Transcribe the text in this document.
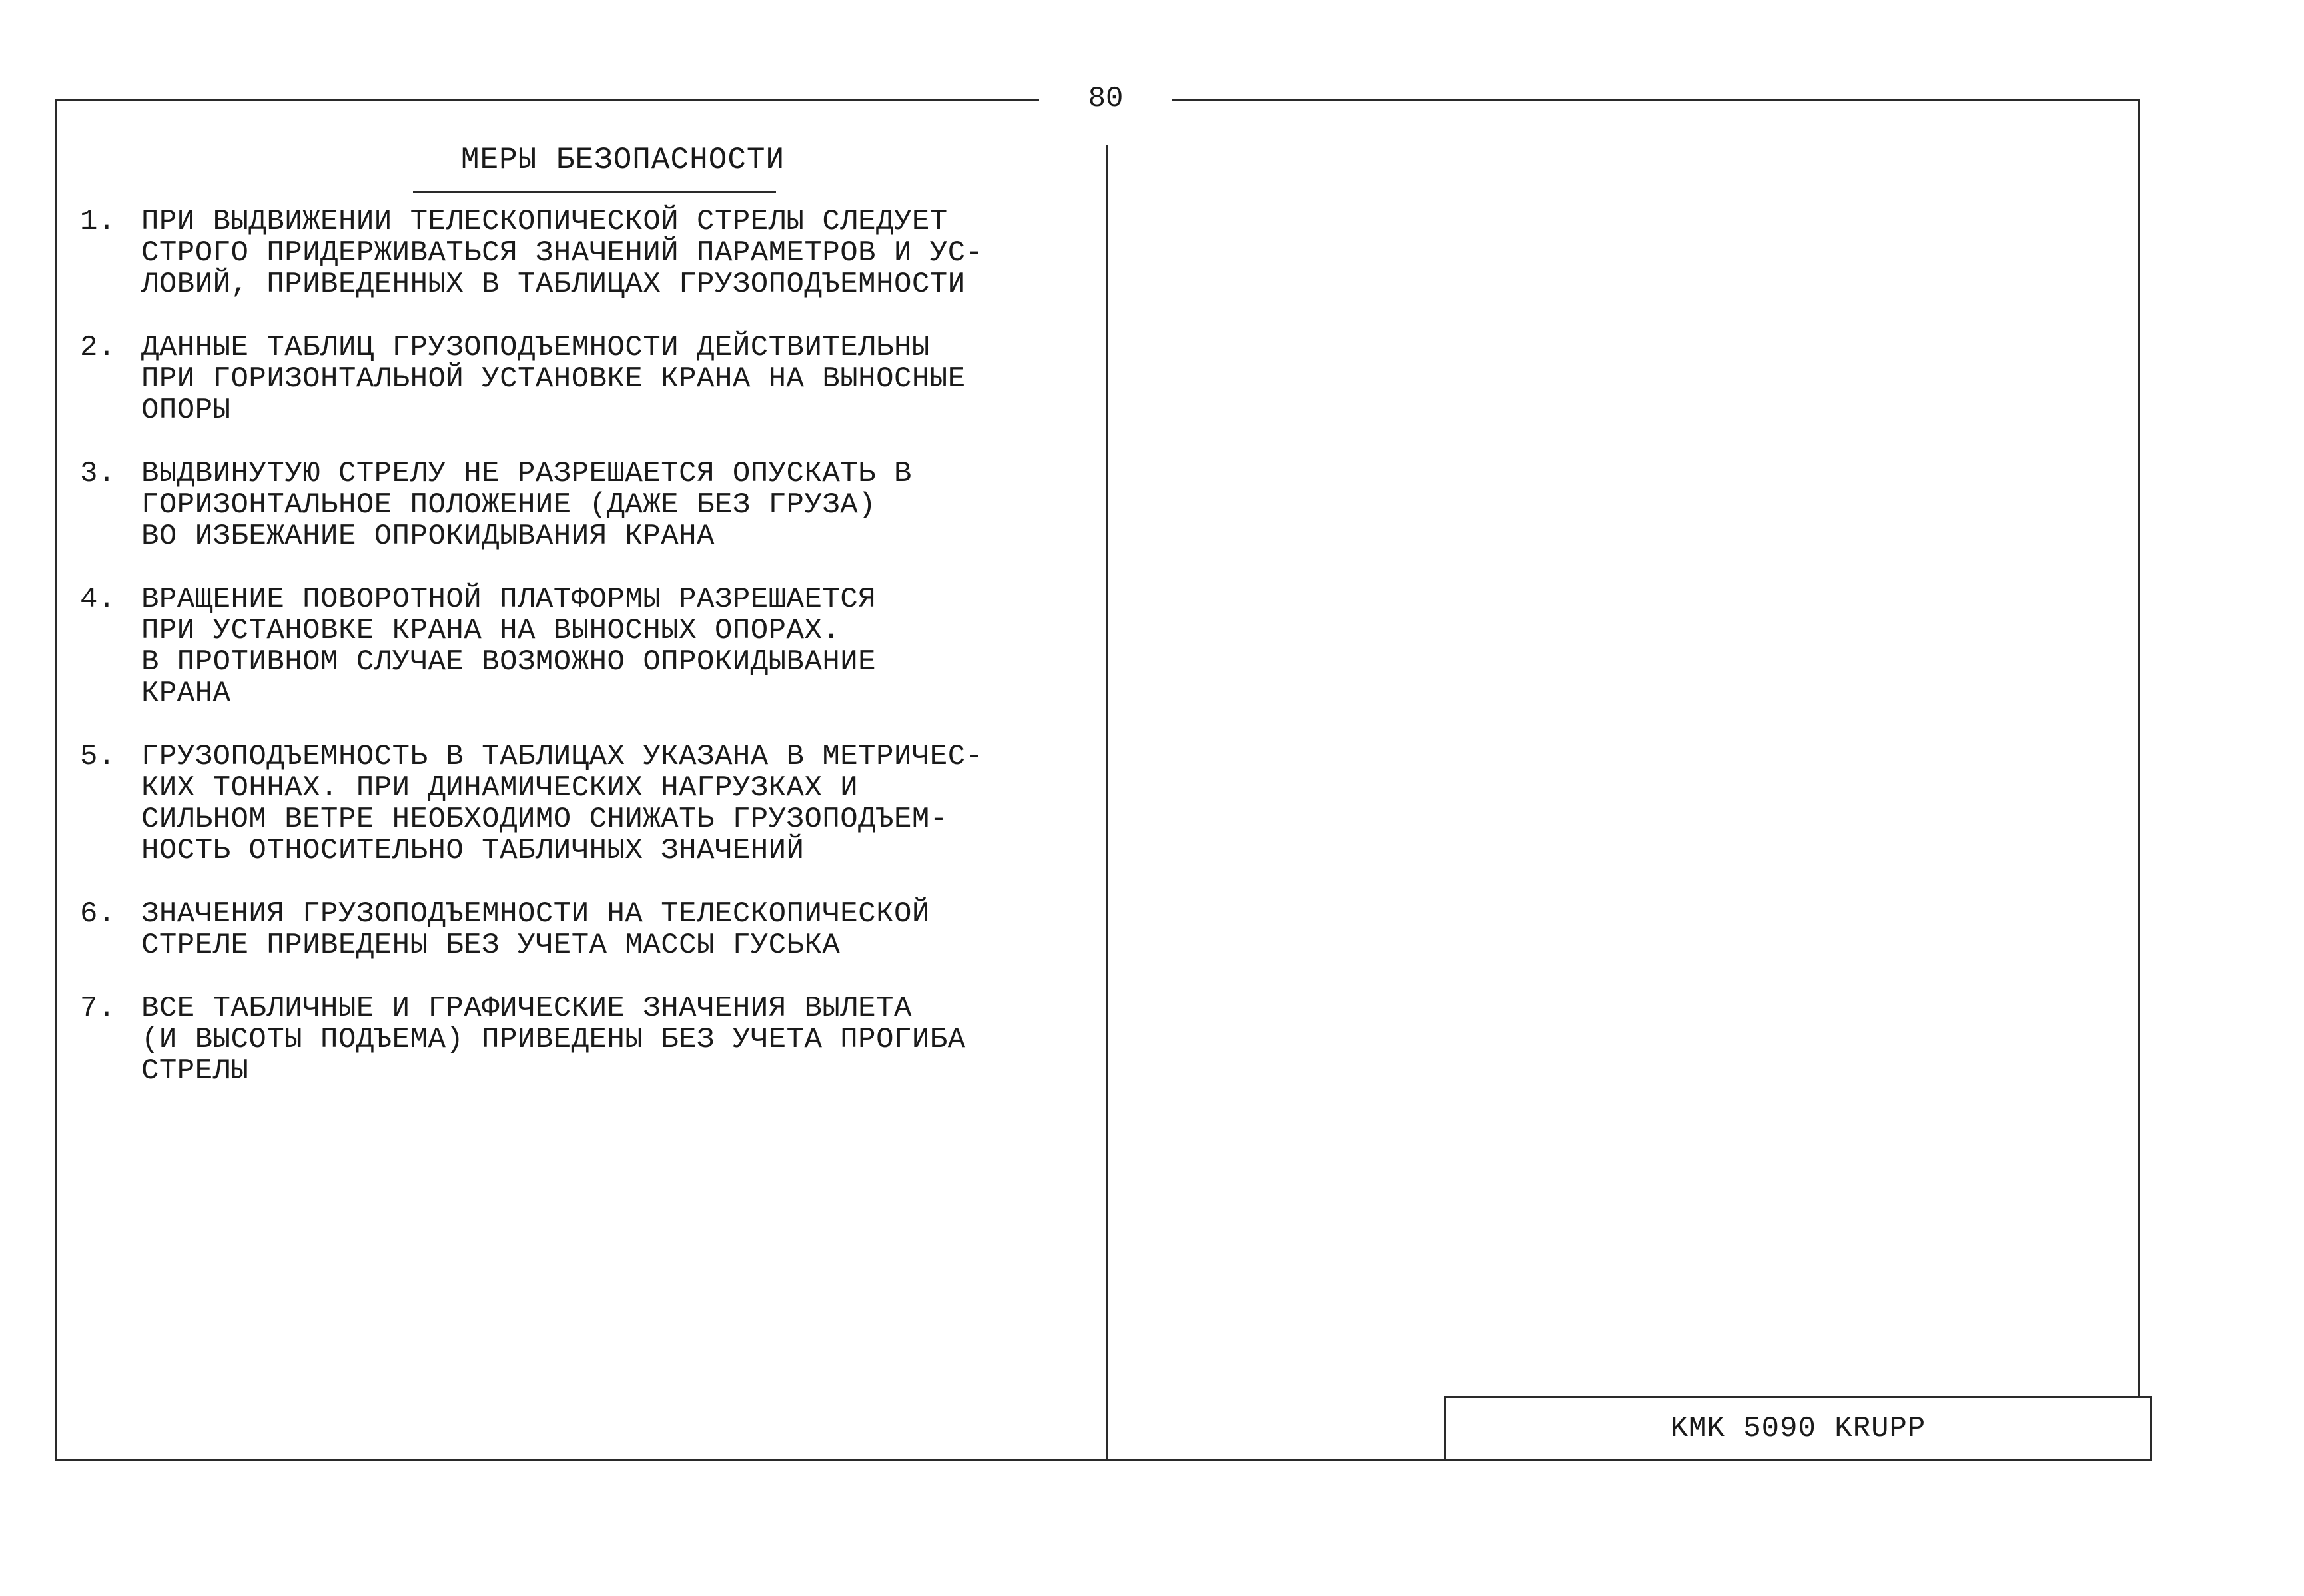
80
МЕРЫ БЕЗОПАСНОСТИ
1. ПРИ ВЫДВИЖЕНИИ ТЕЛЕСКОПИЧЕСКОЙ СТРЕЛЫ СЛЕДУЕТ
СТРОГО ПРИДЕРЖИВАТЬСЯ ЗНАЧЕНИЙ ПАРАМЕТРОВ И УС-
ЛОВИЙ, ПРИВЕДЕННЫХ В ТАБЛИЦАХ ГРУЗОПОДЪЕМНОСТИ
2. ДАННЫЕ ТАБЛИЦ ГРУЗОПОДЪЕМНОСТИ ДЕЙСТВИТЕЛЬНЫ
ПРИ ГОРИЗОНТАЛЬНОЙ УСТАНОВКЕ КРАНА НА ВЫНОСНЫЕ
ОПОРЫ
3. ВЫДВИНУТУЮ СТРЕЛУ НЕ РАЗРЕШАЕТСЯ ОПУСКАТЬ В
ГОРИЗОНТАЛЬНОЕ ПОЛОЖЕНИЕ (ДАЖЕ БЕЗ ГРУЗА)
ВО ИЗБЕЖАНИЕ ОПРОКИДЫВАНИЯ КРАНА
4. ВРАЩЕНИЕ ПОВОРОТНОЙ ПЛАТФОРМЫ РАЗРЕШАЕТСЯ
ПРИ УСТАНОВКЕ КРАНА НА ВЫНОСНЫХ ОПОРАХ.
В ПРОТИВНОМ СЛУЧАЕ ВОЗМОЖНО ОПРОКИДЫВАНИЕ
КРАНА
5. ГРУЗОПОДЪЕМНОСТЬ В ТАБЛИЦАХ УКАЗАНА В МЕТРИЧЕС-
КИХ ТОННАХ. ПРИ ДИНАМИЧЕСКИХ НАГРУЗКАХ И
СИЛЬНОМ ВЕТРЕ НЕОБХОДИМО СНИЖАТЬ ГРУЗОПОДЪЕМ-
НОСТЬ ОТНОСИТЕЛЬНО ТАБЛИЧНЫХ ЗНАЧЕНИЙ
6. ЗНАЧЕНИЯ ГРУЗОПОДЪЕМНОСТИ НА ТЕЛЕСКОПИЧЕСКОЙ
СТРЕЛЕ ПРИВЕДЕНЫ БЕЗ УЧЕТА МАССЫ ГУСЬКА
7. ВСЕ ТАБЛИЧНЫЕ И ГРАФИЧЕСКИЕ ЗНАЧЕНИЯ ВЫЛЕТА
(И ВЫСОТЫ ПОДЪЕМА) ПРИВЕДЕНЫ БЕЗ УЧЕТА ПРОГИБА
СТРЕЛЫ
KMK 5090 KRUPP
